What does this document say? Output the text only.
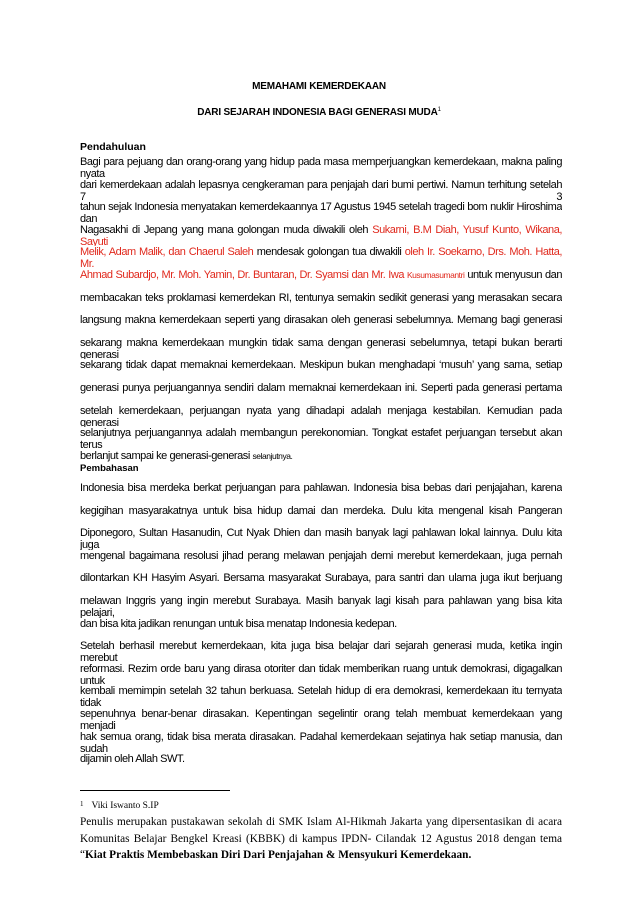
MEMAHAMI KEMERDEKAAN
DARI SEJARAH INDONESIA BAGI GENERASI MUDA$^1$
Pendahuluan
Bagi para pejuang dan orang-orang yang hidup pada masa memperjuangkan kemerdekaan, makna paling nyata
dari kemerdekaan adalah lepasnya cengkeraman para penjajah dari bumi pertiwi. Namun terhitung setelah 7 3
tahun sejak Indonesia menyatakan kemerdekaannya 17 Agustus 1945 setelah tragedi bom nuklir Hiroshima dan
Nagasakhi di Jepang yang mana golongan muda diwakili oleh Sukarni, B.M Diah, Yusuf Kunto, Wikana, Sayuti
Melik, Adam Malik, dan Chaerul Saleh mendesak golongan tua diwakili oleh Ir. Soekarno, Drs. Moh. Hatta, Mr.
Ahmad Subardjo, Mr. Moh. Yamin, Dr. Buntaran, Dr. Syamsi dan Mr. Iwa Kusumasumantri untuk menyusun dan
membacakan teks proklamasi kemerdekan RI, tentunya semakin sedikit generasi yang merasakan secara
langsung makna kemerdekaan seperti yang dirasakan oleh generasi sebelumnya. Memang bagi generasi
sekarang makna kemerdekaan mungkin tidak sama dengan generasi sebelumnya, tetapi bukan berarti generasi
sekarang tidak dapat memaknai kemerdekaan. Meskipun bukan menghadapi ‘musuh’ yang sama, setiap
generasi punya perjuangannya sendiri dalam memaknai kemerdekaan ini. Seperti pada generasi pertama
setelah kemerdekaan, perjuangan nyata yang dihadapi adalah menjaga kestabilan. Kemudian pada generasi
selanjutnya perjuangannya adalah membangun perekonomian. Tongkat estafet perjuangan tersebut akan terus
berlanjut sampai ke generasi-generasi selanjutnya.
Pembahasan
Indonesia bisa merdeka berkat perjuangan para pahlawan. Indonesia bisa bebas dari penjajahan, karena
kegigihan masyarakatnya untuk bisa hidup damai dan merdeka. Dulu kita mengenal kisah Pangeran
Diponegoro, Sultan Hasanudin, Cut Nyak Dhien dan masih banyak lagi pahlawan lokal lainnya. Dulu kita juga
mengenal bagaimana resolusi jihad perang melawan penjajah demi merebut kemerdekaan, juga pernah
dilontarkan KH Hasyim Asyari. Bersama masyarakat Surabaya, para santri dan ulama juga ikut berjuang
melawan Inggris yang ingin merebut Surabaya. Masih banyak lagi kisah para pahlawan yang bisa kita pelajari,
dan bisa kita jadikan renungan untuk bisa menatap Indonesia kedepan.
Setelah berhasil merebut kemerdekaan, kita juga bisa belajar dari sejarah generasi muda, ketika ingin merebut
reformasi. Rezim orde baru yang dirasa otoriter dan tidak memberikan ruang untuk demokrasi, digagalkan untuk
kembali memimpin setelah 32 tahun berkuasa. Setelah hidup di era demokrasi, kemerdekaan itu ternyata tidak
sepenuhnya benar-benar dirasakan. Kepentingan segelintir orang telah membuat kemerdekaan yang menjadi
hak semua orang, tidak bisa merata dirasakan. Padahal kemerdekaan sejatinya hak setiap manusia, dan sudah
dijamin oleh Allah SWT.
$^1$ Viki Iswanto S.IP
Penulis merupakan pustakawan sekolah di SMK Islam Al-Hikmah Jakarta yang dipersentasikan di acara Komunitas Belajar Bengkel Kreasi (KBBK) di kampus IPDN- Cilandak 12 Agustus 2018 dengan tema “Kiat Praktis Membebaskan Diri Dari Penjajahan & Mensyukuri Kemerdekaan.
